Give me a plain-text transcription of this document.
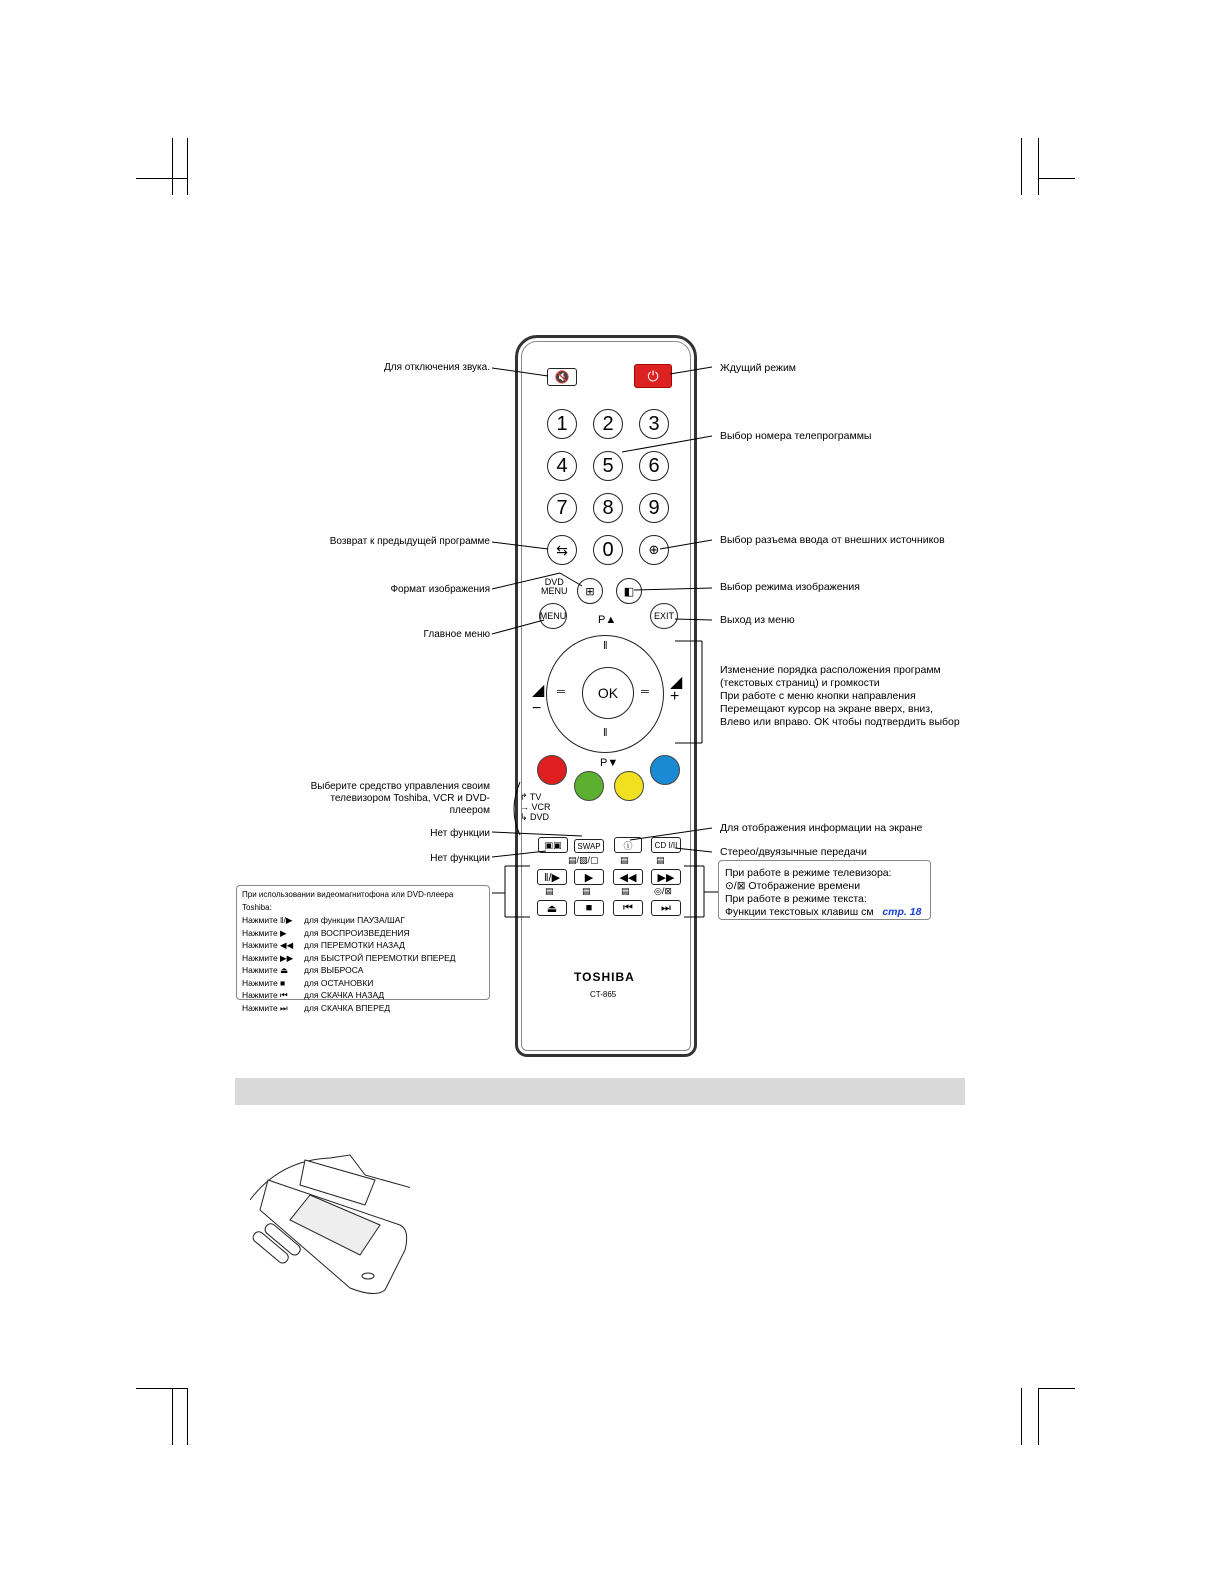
🔇	⏻
1	2	3
4	5	6
7	8	9
⇆	0	⊕
⊞	◧
DVD
MENU
MENU	EXIT
P▲
OK
‖
‖
═	═
◢
−
◢
+
P▼
↱ TV
→ VCR
↳ DVD
▣▣	SWAP	ⓘ	CD I/II
▤/▧/▢ ▤	▤
‖/▶	▶	◀◀	▶▶
▤	▤	▤	◎/⊠
⏏	■	⏮	⏭
TOSHIBA
CT-865
Для отключения звука.
Возврат к предыдущей программе
Формат изображения
Главное меню
Выберите средство управления своим
телевизором Toshiba, VCR и DVD-
плеером
Нет функции
Нет функции
Ждущий режим
Выбор номера телепрограммы
Выбор разъема ввода от внешних источников
Выбор режима изображения
Выход из меню
Изменение порядка расположения программ
(текстовых страниц) и громкости
При работе с меню кнопки направления
Перемещают курсор на экране вверх, вниз,
Влево или вправо. OK чтобы подтвердить выбор
Для отображения информации на экране
Стерео/двуязычные передачи
При работе в режиме телевизора:
⊙/⊠ Отображение времени
При работе в режиме текста:
Функции текстовых клавиш см стр. 18
При использовании видеомагнитофона или DVD-плеера Toshiba:
Нажмите ‖/▶ для функции ПАУЗА/ШАГ
Нажмите ▶ для ВОСПРОИЗВЕДЕНИЯ
Нажмите ◀◀ для ПЕРЕМОТКИ НАЗАД
Нажмите ▶▶ для БЫСТРОЙ ПЕРЕМОТКИ ВПЕРЕД
Нажмите ⏏ для ВЫБРОСА
Нажмите ■ для ОСТАНОВКИ
Нажмите ⏮ для СКАЧКА НАЗАД
Нажмите ⏭ для СКАЧКА ВПЕРЕД
